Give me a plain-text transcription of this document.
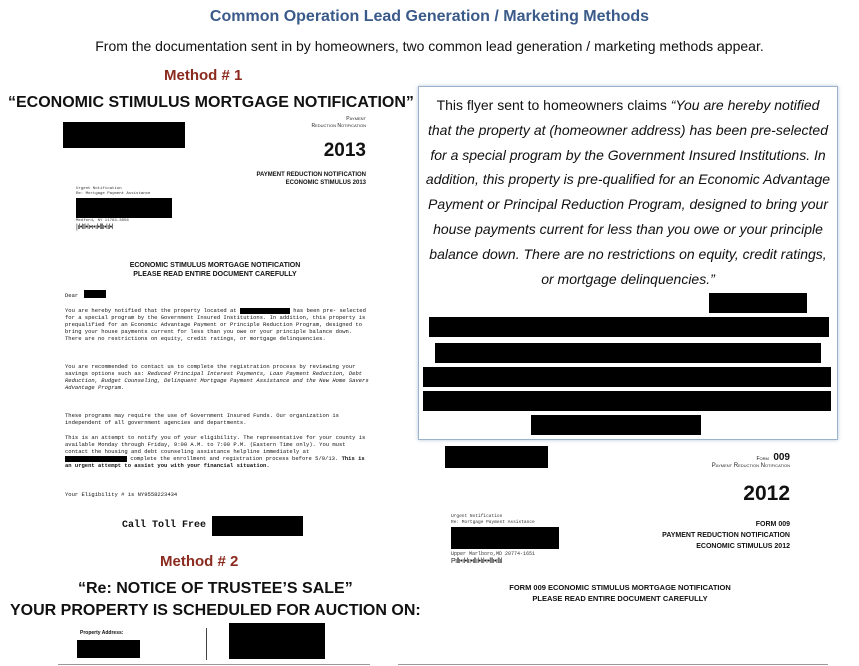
Common Operation Lead Generation / Marketing Methods
From the documentation sent in by homeowners, two common lead generation / marketing methods appear.
Method # 1
“ECONOMIC STIMULUS MORTGAGE NOTIFICATION”
Payment
Reduction Notification
2013
PAYMENT REDUCTION NOTIFICATION
ECONOMIC STIMULUS 2013
Urgent Notification
Re: Mortgage Payment Assistance
Medford, NY 11763-3056
|ıl•lIl•lı•ı•ıl•lllı•lıl•l
ECONOMIC STIMULUS MORTGAGE NOTIFICATION
PLEASE READ ENTIRE DOCUMENT CAREFULLY
Dear
You are hereby notified that the property located at	has been pre- selected for a special program by the Government Insured Institutions. In addition, this property is prequalified for an Economic Advantage Payment or Principle Reduction Program, designed to bring your house payments current for less than you owe or your principle balance down. There are no restrictions on equity, credit ratings, or mortgage delinquencies.
You are recommended to contact us to complete the registration process by reviewing your savings options such as: Reduced Principal Interest Payments, Loan Payment Reduction, Debt Reduction, Budget Counseling, Delinquent Mortgage Payment Assistance and the New Home Savers Advantage Program.
These programs may require the use of Government Insured Funds. Our organization is independent of all government agencies and departments.
This is an attempt to notify you of your eligibility. The representative for your county is available Monday through Friday, 9:00 A.M. to 7:00 P.M. (Eastern Time only). You must contact the housing and debt counseling assistance helpline immediately at  complete the enrollment and registration process before 5/9/13. This is an urgent attempt to assist you with your financial situation.
Your Eligibility # is NY9558223434
Call Toll Free
This flyer sent to homeowners claims “You are hereby notified that the property at (homeowner address) has been pre-selected for a special program by the Government Insured Institutions. In addition, this property is pre-qualified for an Economic Advantage Payment or Principal Reduction Program, designed to bring your house payments current for less than you owe or your principle balance down. There are no restrictions on equity, credit ratings, or mortgage delinquencies.”
Form 009
Payment Reduction Notification
2012
FORM 009
PAYMENT REDUCTION NOTIFICATION
ECONOMIC STIMULUS 2012
Urgent Notification
Re: Mortgage Payment Assistance
Upper Marlboro,MD 20774-1651
Pıllı•ıl•lıı•ıllıl•lıl•ı•lllı•ıllıl
FORM 009 ECONOMIC STIMULUS MORTGAGE NOTIFICATION
PLEASE READ ENTIRE DOCUMENT CAREFULLY
Method # 2
“Re: NOTICE OF TRUSTEE’S SALE”
YOUR PROPERTY IS SCHEDULED FOR AUCTION ON:
Property Address:
